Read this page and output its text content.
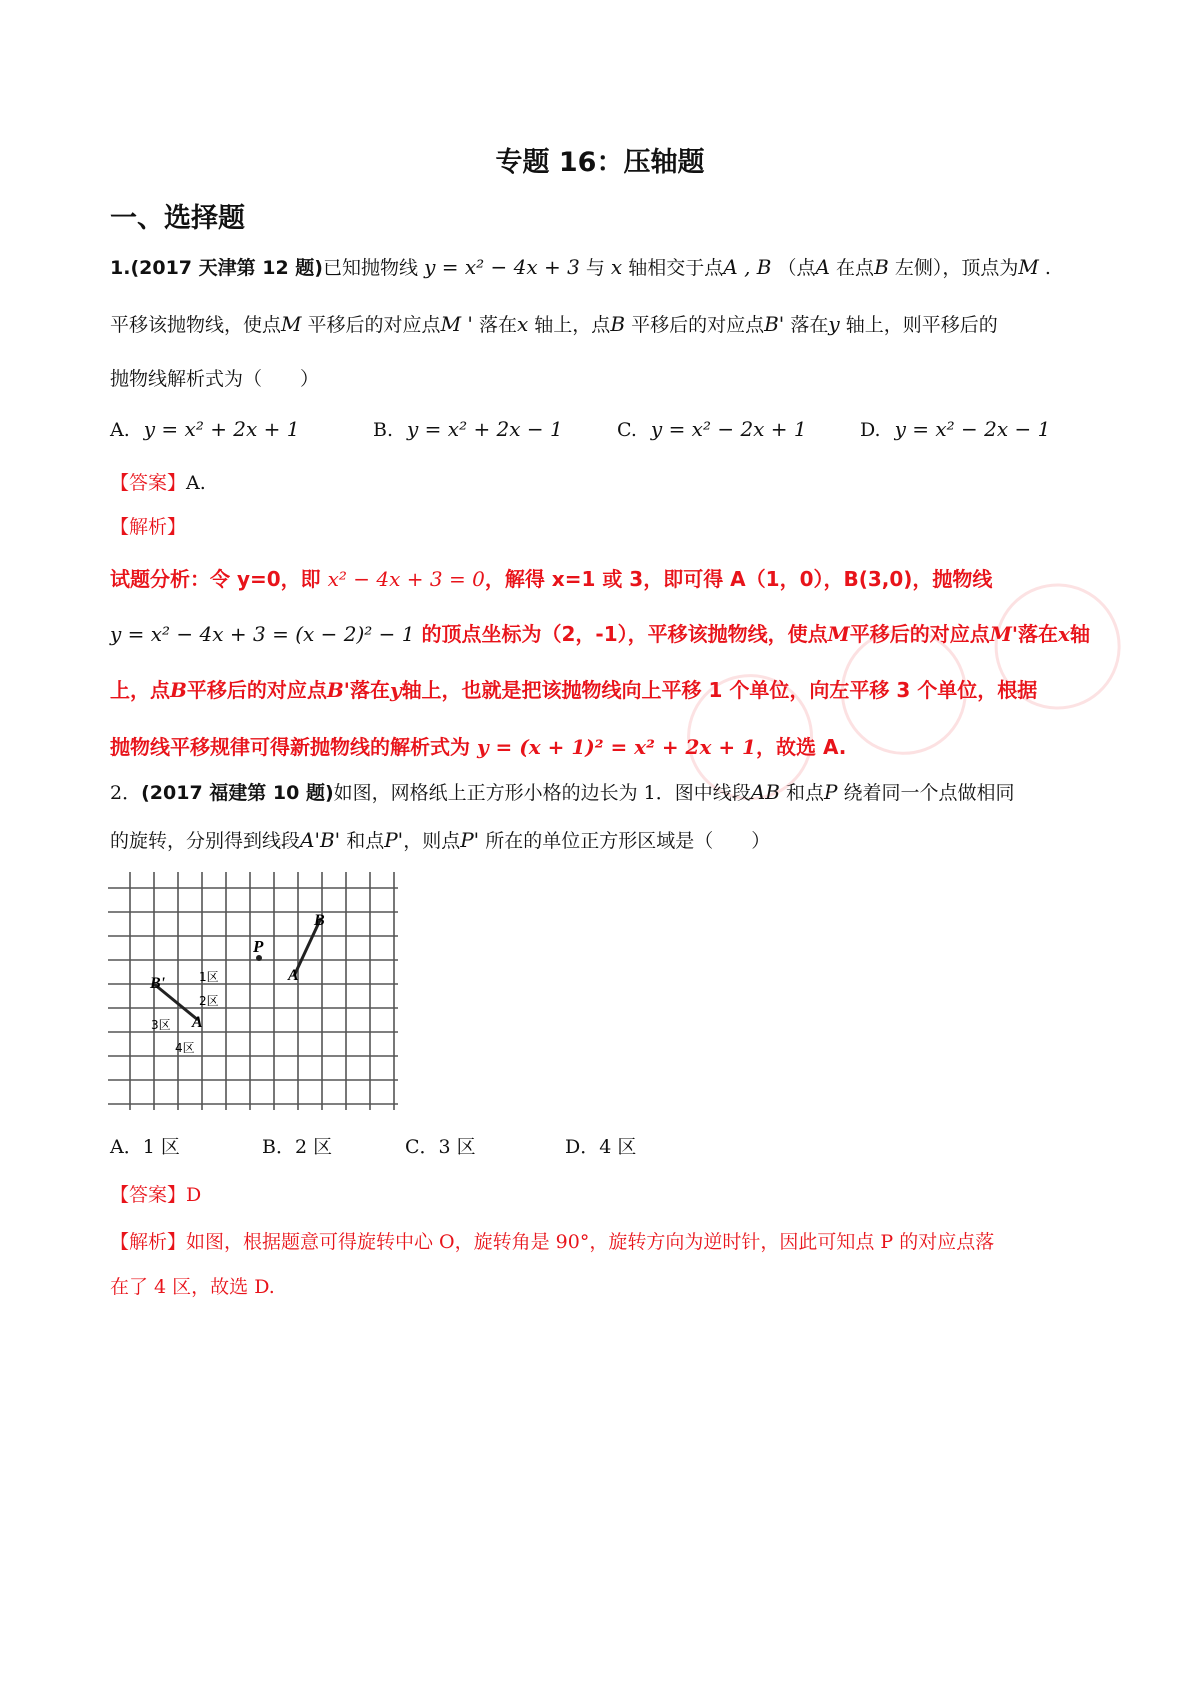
专题 16：压轴题
一、选择题
1.(2017 天津第 12 题)已知抛物线 y = x² − 4x + 3 与 x 轴相交于点A , B （点A 在点B 左侧），顶点为M .
平移该抛物线，使点M 平移后的对应点M ' 落在x 轴上，点B 平移后的对应点B' 落在y 轴上，则平移后的
抛物线解析式为（　　）
A. y = x² + 2x + 1	B. y = x² + 2x − 1	C. y = x² − 2x + 1	D. y = x² − 2x − 1
【答案】A.
【解析】
试题分析：令 y=0，即 x² − 4x + 3 = 0，解得 x=1 或 3，即可得 A（1，0），B(3,0)，抛物线
y = x² − 4x + 3 = (x − 2)² − 1 的顶点坐标为（2，-1），平移该抛物线，使点M平移后的对应点M'落在x轴
上，点B平移后的对应点B'落在y轴上，也就是把该抛物线向上平移 1 个单位，向左平移 3 个单位，根据
抛物线平移规律可得新抛物线的解析式为 y = (x + 1)² = x² + 2x + 1，故选 A.
2．(2017 福建第 10 题)如图，网格纸上正方形小格的边长为 1．图中线段AB 和点P 绕着同一个点做相同
的旋转，分别得到线段A'B' 和点P'，则点P' 所在的单位正方形区域是（　　）
B
P
A
B'
A
1区
2区
3区
4区
A．1 区	B．2 区	C．3 区	D．4 区
【答案】D
【解析】如图，根据题意可得旋转中心 O，旋转角是 90°，旋转方向为逆时针，因此可知点 P 的对应点落
在了 4 区，故选 D.
